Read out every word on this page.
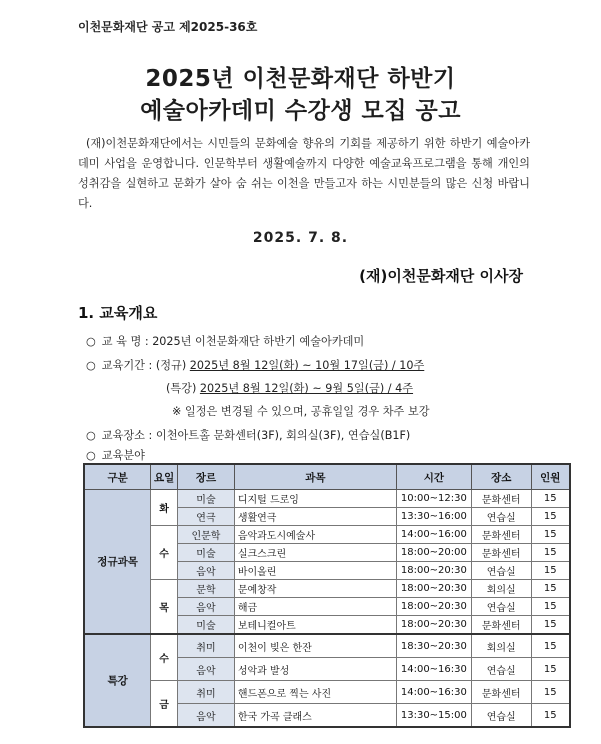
이천문화재단 공고 제2025-36호
2025년 이천문화재단 하반기
예술아카데미 수강생 모집 공고
(재)이천문화재단에서는 시민들의 문화예술 향유의 기회를 제공하기 위한 하반기 예술아카데미 사업을 운영합니다. 인문학부터 생활예술까지 다양한 예술교육프로그램을 통해 개인의 성취감을 실현하고 문화가 살아 숨 쉬는 이천을 만들고자 하는 시민분들의 많은 신청 바랍니다.
2025. 7. 8.
(재)이천문화재단 이사장
1. 교육개요
○ 교 육 명 : 2025년 이천문화재단 하반기 예술아카데미
○ 교육기간 : (정규) 2025년 8월 12일(화) ~ 10월 17일(금) / 10주
(특강) 2025년 8월 12일(화) ~ 9월 5일(금) / 4주
※ 일정은 변경될 수 있으며, 공휴일일 경우 차주 보강
○ 교육장소 : 이천아트홀 문화센터(3F), 회의실(3F), 연습실(B1F)
○ 교육분야
구분	요일	장르	과목	시간	장소	인원
정규과목	화	미술	디지털 드로잉	10:00~12:30	문화센터	15
		연극	생활연극	13:30~16:00	연습실	15
	수	인문학	음악과도시예술사	14:00~16:00	문화센터	15
		미술	실크스크린	18:00~20:00	문화센터	15
		음악	바이올린	18:00~20:30	연습실	15
	목	문학	문예창작	18:00~20:30	회의실	15
		음악	해금	18:00~20:30	연습실	15
		미술	보테니컬아트	18:00~20:30	문화센터	15
특강	수	취미	이천이 빚은 한잔	18:30~20:30	회의실	15
		음악	성악과 발성	14:00~16:30	연습실	15
	금	취미	핸드폰으로 찍는 사진	14:00~16:30	문화센터	15
		음악	한국 가곡 클래스	13:30~15:00	연습실	15
